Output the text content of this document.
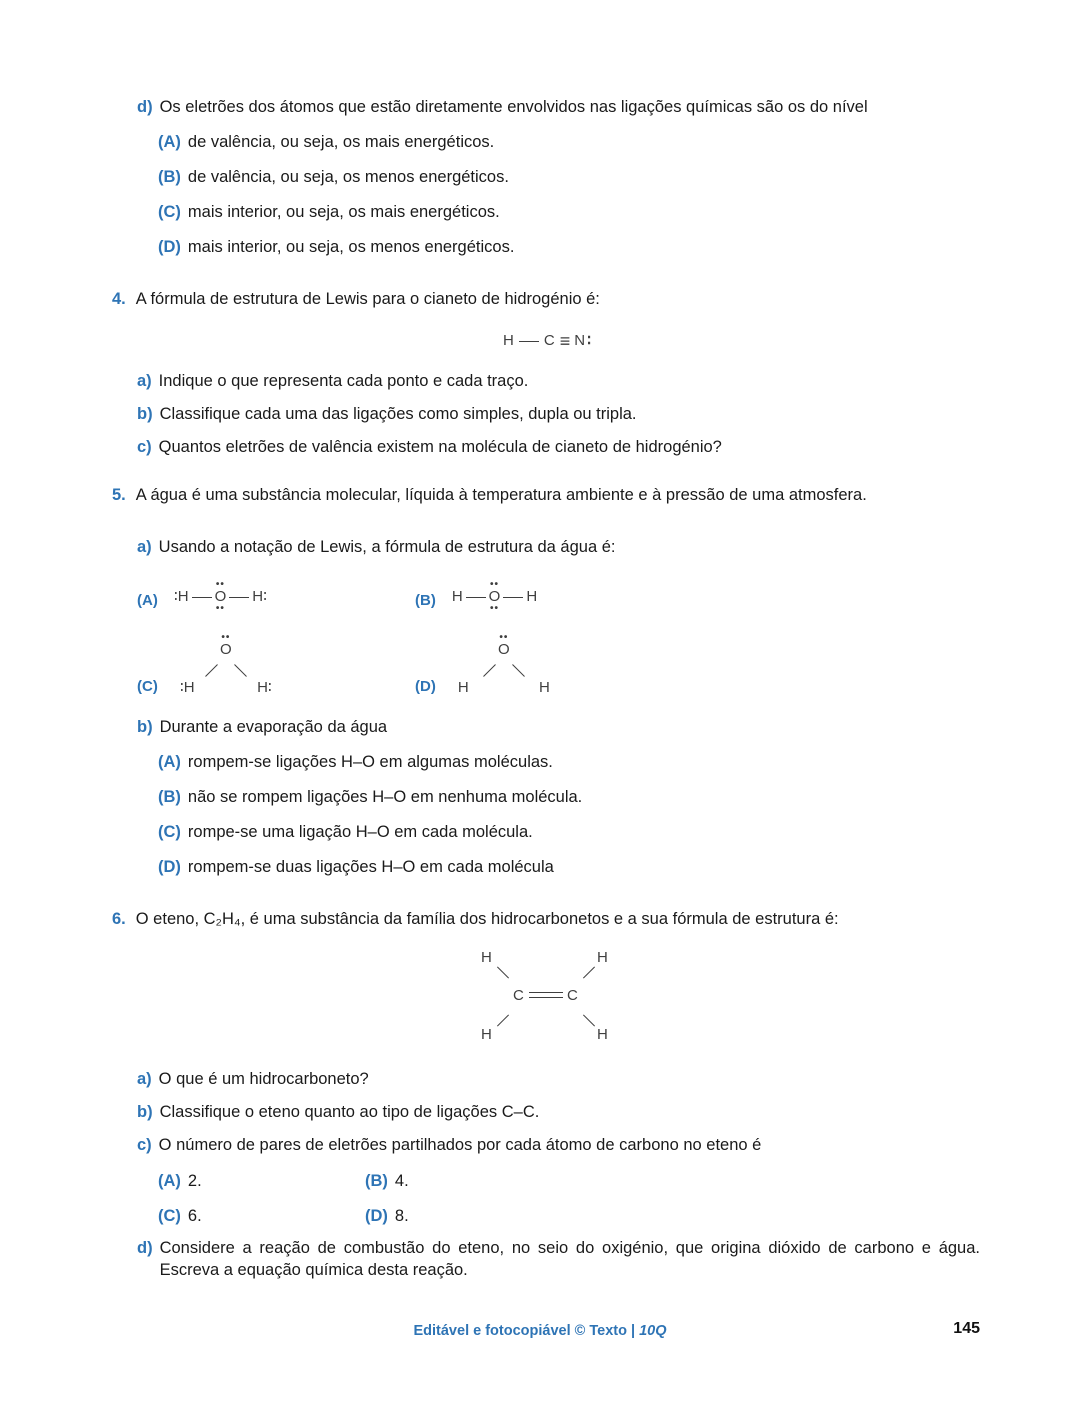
d) Os eletrões dos átomos que estão diretamente envolvidos nas ligações químicas são os do nível
(A) de valência, ou seja, os mais energéticos.
(B) de valência, ou seja, os menos energéticos.
(C) mais interior, ou seja, os mais energéticos.
(D) mais interior, ou seja, os menos energéticos.
4. A fórmula de estrutura de Lewis para o cianeto de hidrogénio é:
H C ≡ N ∶
a) Indique o que representa cada ponto e cada traço.
b) Classifique cada uma das ligações como simples, dupla ou tripla.
c) Quantos eletrões de valência existem na molécula de cianeto de hidrogénio?
5. A água é uma substância molecular, líquida à temperatura ambiente e à pressão de uma atmosfera.
a) Usando a notação de Lewis, a fórmula de estrutura da água é:
(A) ∶H
••
O
••
H∶	(B) H
••
O
••
H
(C)
••
O
∶H	H∶	(D)
••
O
H	H
b) Durante a evaporação da água
(A) rompem-se ligações H–O em algumas moléculas.
(B) não se rompem ligações H–O em nenhuma molécula.
(C) rompe-se uma ligação H–O em cada molécula.
(D) rompem-se duas ligações H–O em cada molécula
6. O eteno, C₂H₄, é uma substância da família dos hidrocarbonetos e a sua fórmula de estrutura é:
H	H
C	C
H	H
a) O que é um hidrocarboneto?
b) Classifique o eteno quanto ao tipo de ligações C–C.
c) O número de pares de eletrões partilhados por cada átomo de carbono no eteno é
(A) 2.	(B) 4.
(C) 6.	(D) 8.
d) Considere a reação de combustão do eteno, no seio do oxigénio, que origina dióxido de carbono e água. Escreva a equação química desta reação.
Editável e fotocopiável © Texto | 10Q	145
